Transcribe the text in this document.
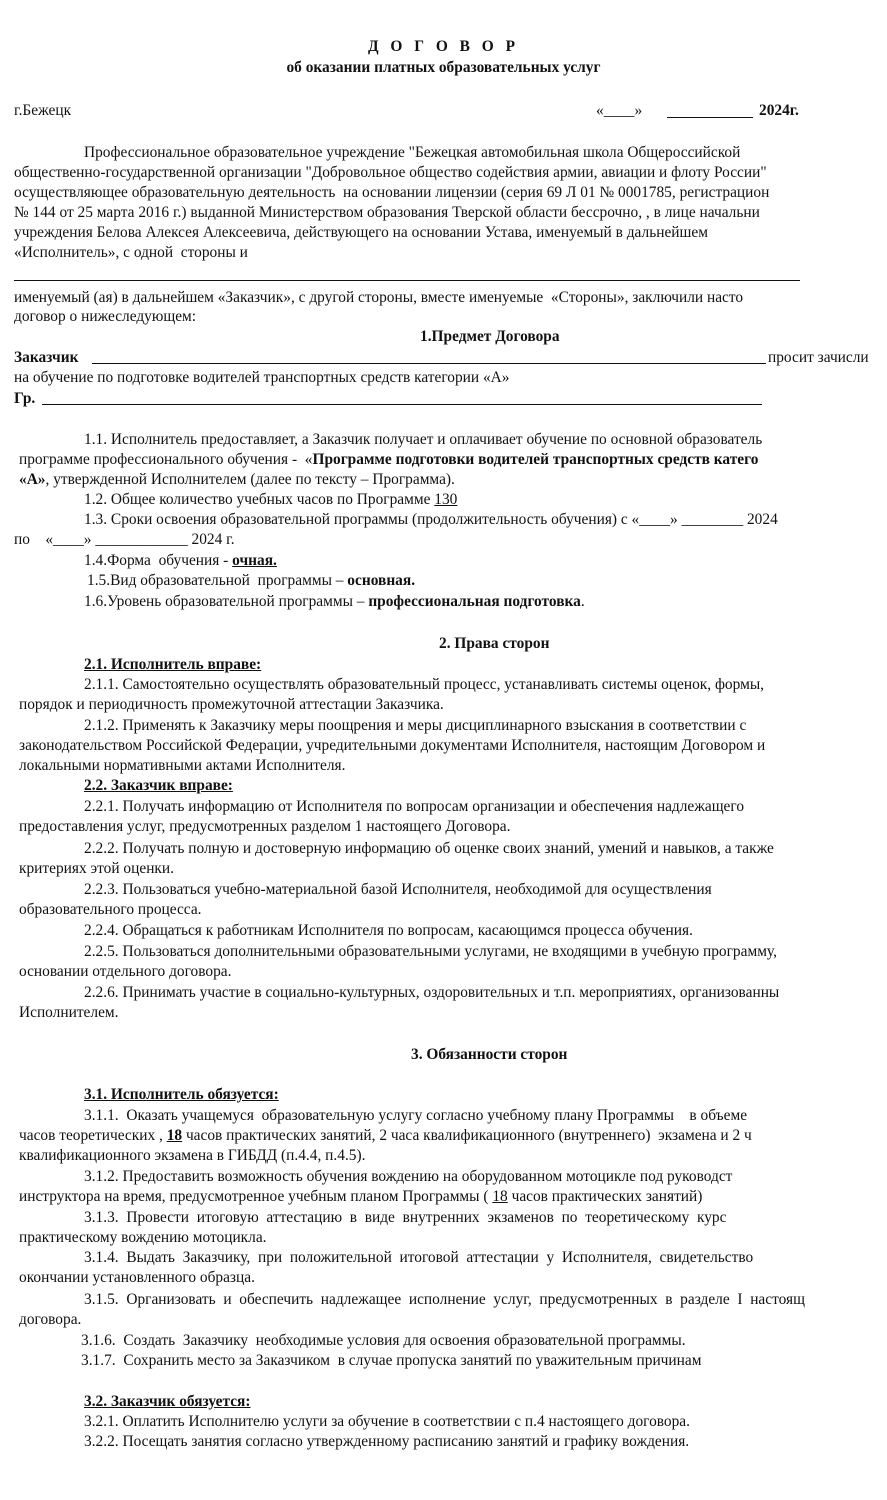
Д О Г О В О Р
об оказании платных образовательных услуг
г.Бежецк	«____»	2024г.
Профессиональное образовательное учреждение "Бежецкая автомобильная школа Общероссийской
общественно-государственной организации "Добровольное общество содействия армии, авиации и флоту России"
осуществляющее образовательную деятельность  на основании лицензии (серия 69 Л 01 № 0001785, регистрацион
№ 144 от 25 марта 2016 г.) выданной Министерством образования Тверской области бессрочно, , в лице начальни
учреждения Белова Алексея Алексеевича, действующего на основании Устава, именуемый в дальнейшем
«Исполнитель», с одной  стороны и
именуемый (ая) в дальнейшем «Заказчик», с другой стороны, вместе именуемые  «Стороны», заключили насто
договор о нижеследующем:
1.Предмет Договора
Заказчик	просит зачисли
на обучение по подготовке водителей транспортных средств категории «А»
Гр.
1.1. Исполнитель предоставляет, а Заказчик получает и оплачивает обучение по основной образователь
программе профессионального обучения -  «Программе подготовки водителей транспортных средств катего
«А», утвержденной Исполнителем (далее по тексту – Программа).
1.2. Общее количество учебных часов по Программе 130
1.3. Сроки освоения образовательной программы (продолжительность обучения) с «____» ________ 2024
по    «____» ____________ 2024 г.
1.4.Форма  обучения - очная.
1.5.Вид образовательной  программы – основная.
1.6.Уровень образовательной программы – профессиональная подготовка.
2. Права сторон
2.1. Исполнитель вправе:
2.1.1. Самостоятельно осуществлять образовательный процесс, устанавливать системы оценок, формы,
порядок и периодичность промежуточной аттестации Заказчика.
2.1.2. Применять к Заказчику меры поощрения и меры дисциплинарного взыскания в соответствии с
законодательством Российской Федерации, учредительными документами Исполнителя, настоящим Договором и
локальными нормативными актами Исполнителя.
2.2. Заказчик вправе:
2.2.1. Получать информацию от Исполнителя по вопросам организации и обеспечения надлежащего
предоставления услуг, предусмотренных разделом 1 настоящего Договора.
2.2.2. Получать полную и достоверную информацию об оценке своих знаний, умений и навыков, а также
критериях этой оценки.
2.2.3. Пользоваться учебно-материальной базой Исполнителя, необходимой для осуществления
образовательного процесса.
2.2.4. Обращаться к работникам Исполнителя по вопросам, касающимся процесса обучения.
2.2.5. Пользоваться дополнительными образовательными услугами, не входящими в учебную программу,
основании отдельного договора.
2.2.6. Принимать участие в социально-культурных, оздоровительных и т.п. мероприятиях, организованны
Исполнителем.
3. Обязанности сторон
3.1. Исполнитель обязуется:
3.1.1.  Оказать учащемуся  образовательную услугу согласно учебному плану Программы    в объеме
часов теоретических , 18 часов практических занятий, 2 часа квалификационного (внутреннего)  экзамена и 2 ч
квалификационного экзамена в ГИБДД (п.4.4, п.4.5).
3.1.2. Предоставить возможность обучения вождению на оборудованном мотоцикле под руководст
инструктора на время, предусмотренное учебным планом Программы ( 18 часов практических занятий)
3.1.3.  Провести  итоговую  аттестацию  в  виде  внутренних  экзаменов  по  теоретическому  курс
практическому вождению мотоцикла.
3.1.4.  Выдать  Заказчику,  при  положительной  итоговой  аттестации  у  Исполнителя,  свидетельство
окончании установленного образца.
3.1.5.  Организовать  и  обеспечить  надлежащее  исполнение  услуг,  предусмотренных  в  разделе  I  настоящ
договора.
3.1.6.  Создать  Заказчику  необходимые условия для освоения образовательной программы.
3.1.7.  Сохранить место за Заказчиком  в случае пропуска занятий по уважительным причинам
3.2. Заказчик обязуется:
3.2.1. Оплатить Исполнителю услуги за обучение в соответствии с п.4 настоящего договора.
3.2.2. Посещать занятия согласно утвержденному расписанию занятий и графику вождения.
